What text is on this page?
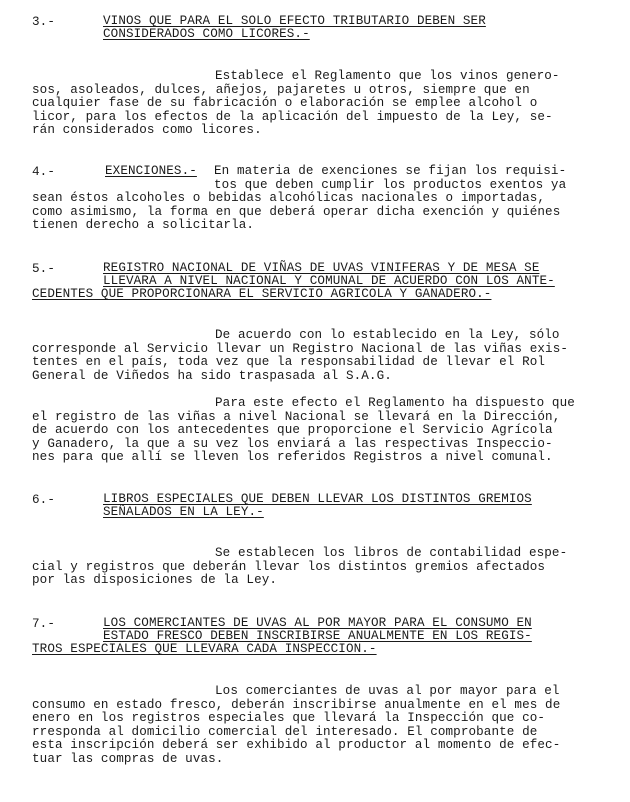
3.-	VINOS QUE PARA EL SOLO EFECTO TRIBUTARIO DEBEN SER
CONSIDERADOS COMO LICORES.-
Establece el Reglamento que los vinos genero-
sos, asoleados, dulces, añejos, pajaretes u otros, siempre que en
cualquier fase de su fabricación o elaboración se emplee alcohol o
licor, para los efectos de la aplicación del impuesto de la Ley, se-
rán considerados como licores.
4.-	EXENCIONES.-	En materia de exenciones se fijan los requisi-
tos que deben cumplir los productos exentos ya
sean éstos alcoholes o bebidas alcohólicas nacionales o importadas,
como asimismo, la forma en que deberá operar dicha exención y quiénes
tienen derecho a solicitarla.
5.-	REGISTRO NACIONAL DE VIÑAS DE UVAS VINIFERAS Y DE MESA SE
LLEVARA A NIVEL NACIONAL Y COMUNAL DE ACUERDO CON LOS ANTE-
CEDENTES QUE PROPORCIONARA EL SERVICIO AGRICOLA Y GANADERO.-
De acuerdo con lo establecido en la Ley, sólo
corresponde al Servicio llevar un Registro Nacional de las viñas exis-
tentes en el país, toda vez que la responsabilidad de llevar el Rol
General de Viñedos ha sido traspasada al S.A.G.
Para este efecto el Reglamento ha dispuesto que
el registro de las viñas a nivel Nacional se llevará en la Dirección,
de acuerdo con los antecedentes que proporcione el Servicio Agrícola
y Ganadero, la que a su vez los enviará a las respectivas Inspeccio-
nes para que allí se lleven los referidos Registros a nivel comunal.
6.-	LIBROS ESPECIALES QUE DEBEN LLEVAR LOS DISTINTOS GREMIOS
SEÑALADOS EN LA LEY.-
Se establecen los libros de contabilidad espe-
cial y registros que deberán llevar los distintos gremios afectados
por las disposiciones de la Ley.
7.-	LOS COMERCIANTES DE UVAS AL POR MAYOR PARA EL CONSUMO EN
ESTADO FRESCO DEBEN INSCRIBIRSE ANUALMENTE EN LOS REGIS-
TROS ESPECIALES QUE LLEVARA CADA INSPECCION.-
Los comerciantes de uvas al por mayor para el
consumo en estado fresco, deberán inscribirse anualmente en el mes de
enero en los registros especiales que llevará la Inspección que co-
rresponda al domicilio comercial del interesado. El comprobante de
esta inscripción deberá ser exhibido al productor al momento de efec-
tuar las compras de uvas.
